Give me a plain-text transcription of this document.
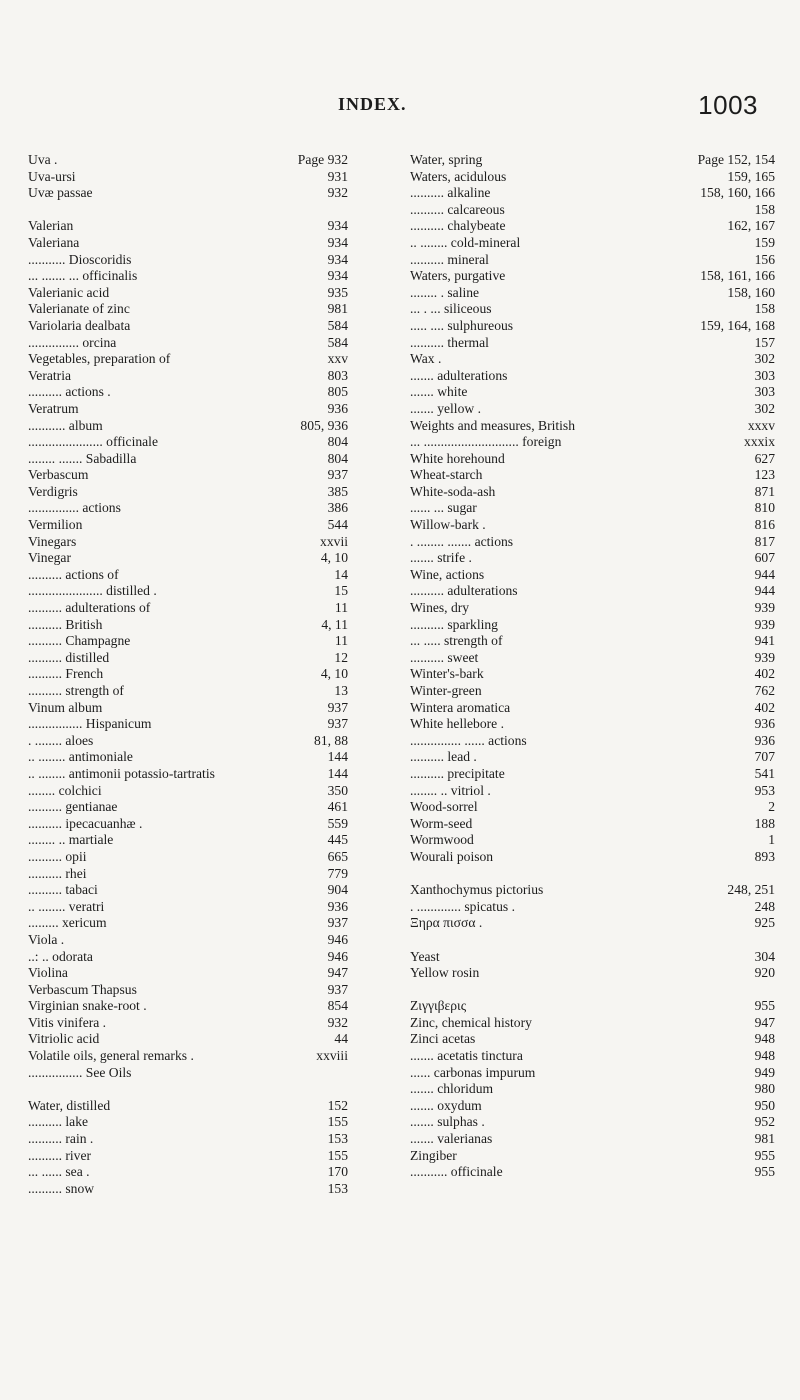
INDEX.	1003
Uva .	Page 932
Uva-ursi	931
Uvæ passae	932
Valerian	934
Valeriana	934
........... Dioscoridis	934
... ....... ... officinalis	934
Valerianic acid	935
Valerianate of zinc	981
Variolaria dealbata	584
............... orcina	584
Vegetables, preparation of	xxv
Veratria	803
.......... actions .	805
Veratrum	936
........... album	805, 936
...................... officinale	804
........ ....... Sabadilla	804
Verbascum	937
Verdigris	385
............... actions	386
Vermilion	544
Vinegars	xxvii
Vinegar	4, 10
.......... actions of	14
...................... distilled .	15
.......... adulterations of	11
.......... British	4, 11
.......... Champagne	11
.......... distilled	12
.......... French	4, 10
.......... strength of	13
Vinum album	937
................ Hispanicum	937
. ........ aloes	81, 88
.. ........ antimoniale	144
.. ........ antimonii potassio-tartratis	144
........ colchici	350
.......... gentianae	461
.......... ipecacuanhæ .	559
........ .. martiale	445
.......... opii	665
.......... rhei	779
.......... tabaci	904
.. ........ veratri	936
......... xericum	937
Viola .	946
..: .. odorata	946
Violina	947
Verbascum Thapsus	937
Virginian snake-root .	854
Vitis vinifera .	932
Vitriolic acid	44
Volatile oils, general remarks .	xxviii
................ See Oils
Water, distilled	152
.......... lake	155
.......... rain .	153
.......... river	155
... ...... sea .	170
.......... snow	153
Water, spring	Page 152, 154
Waters, acidulous	159, 165
.......... alkaline	158, 160, 166
.......... calcareous	158
.......... chalybeate	162, 167
.. ........ cold-mineral	159
.......... mineral	156
Waters, purgative	158, 161, 166
........ . saline	158, 160
... . ... siliceous	158
..... .... sulphureous	159, 164, 168
.......... thermal	157
Wax .	302
....... adulterations	303
....... white	303
....... yellow .	302
Weights and measures, British	xxxv
... ............................ foreign	xxxix
White horehound	627
Wheat-starch	123
White-soda-ash	871
...... ... sugar	810
Willow-bark .	816
. ........ ....... actions	817
....... strife .	607
Wine, actions	944
.......... adulterations	944
Wines, dry	939
.......... sparkling	939
... ..... strength of	941
.......... sweet	939
Winter's-bark	402
Winter-green	762
Wintera aromatica	402
White hellebore .	936
............... ...... actions	936
.......... lead .	707
.......... precipitate	541
........ .. vitriol .	953
Wood-sorrel	2
Worm-seed	188
Wormwood	1
Wourali poison	893
Xanthochymus pictorius	248, 251
. ............. spicatus .	248
Ξηρα πισσα .	925
Yeast	304
Yellow rosin	920
Ζιγγιβερις	955
Zinc, chemical history	947
Zinci acetas	948
....... acetatis tinctura	948
...... carbonas impurum	949
....... chloridum	980
....... oxydum	950
....... sulphas .	952
....... valerianas	981
Zingiber	955
........... officinale	955
